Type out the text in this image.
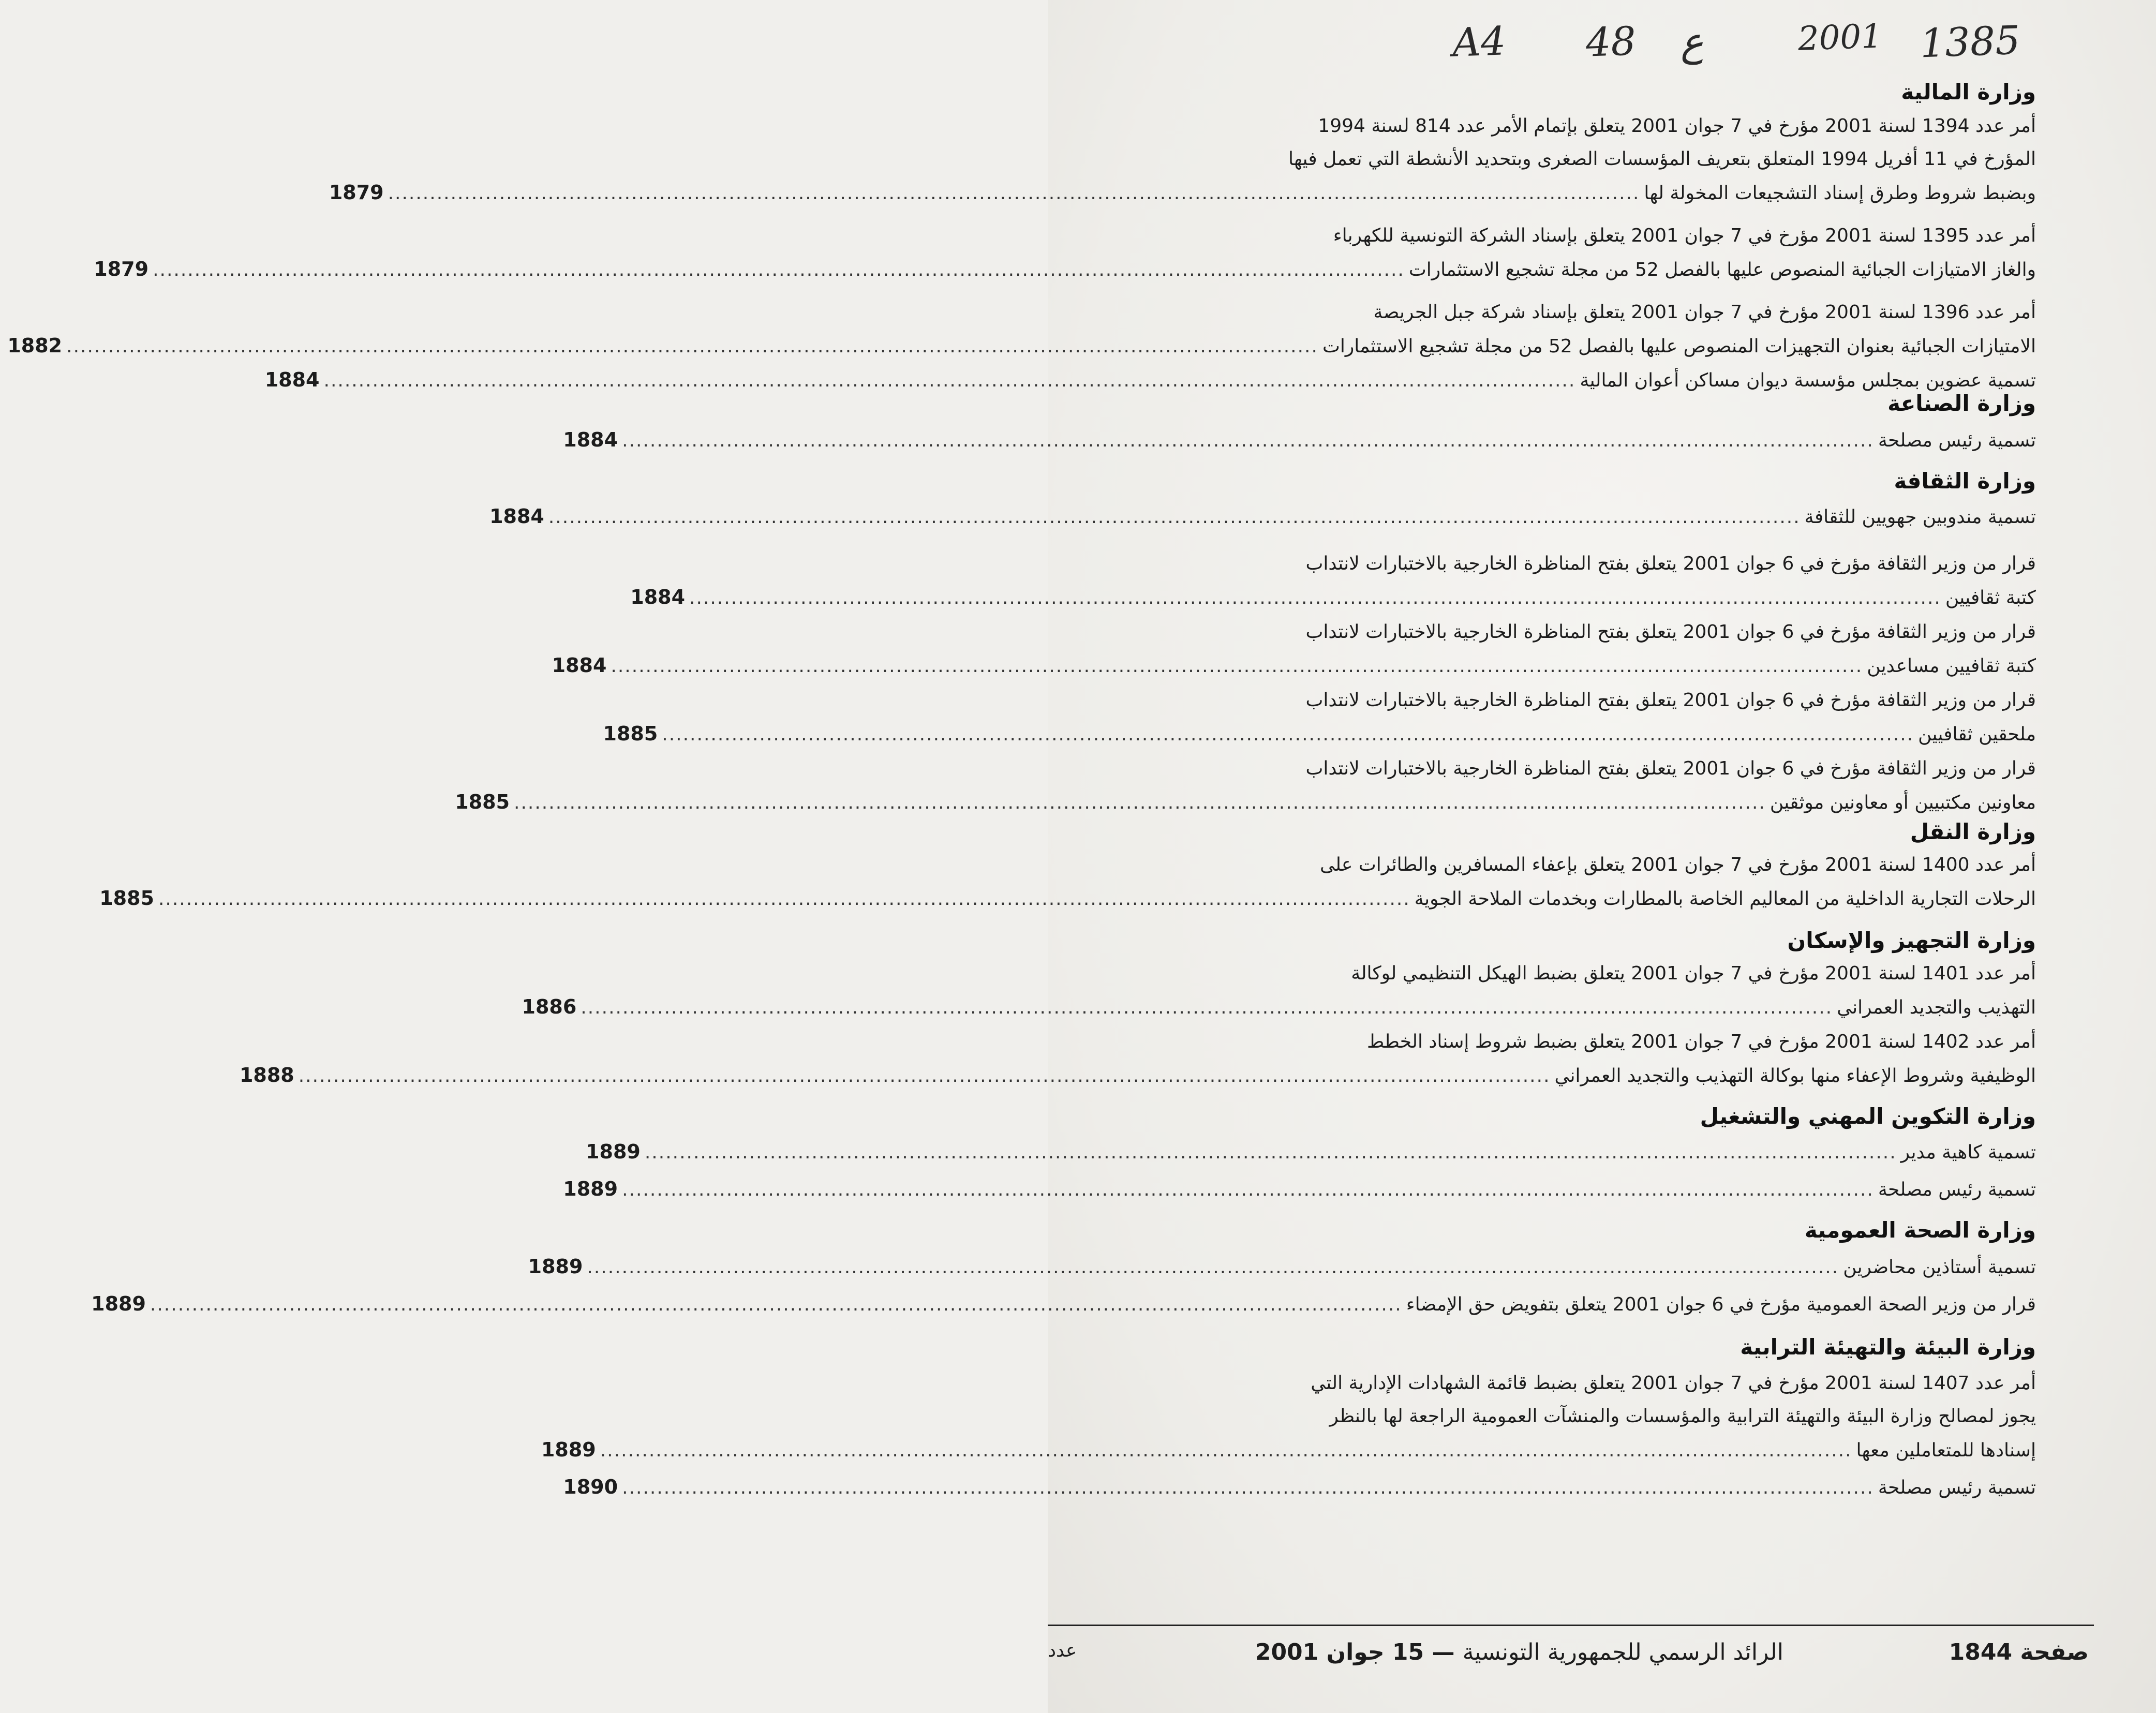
A4 48 ع	2001 1385
وزارة المالية
أمر عدد 1394 لسنة 2001 مؤرخ في 7 جوان 2001 يتعلق بإتمام الأمر عدد 814 لسنة 1994
المؤرخ في 11 أفريل 1994 المتعلق بتعريف المؤسسات الصغرى وبتحديد الأنشطة التي تعمل فيها
وبضبط شروط وطرق إسناد التشجيعات المخولة لها
....................................................................................................................................................................................
1879
أمر عدد 1395 لسنة 2001 مؤرخ في 7 جوان 2001 يتعلق بإسناد الشركة التونسية للكهرباء
والغاز الامتيازات الجبائية المنصوص عليها بالفصل 52 من مجلة تشجيع الاستثمارات
....................................................................................................................................................................................
1879
أمر عدد 1396 لسنة 2001 مؤرخ في 7 جوان 2001 يتعلق بإسناد شركة جبل الجريصة
الامتيازات الجبائية بعنوان التجهيزات المنصوص عليها بالفصل 52 من مجلة تشجيع الاستثمارات
....................................................................................................................................................................................
1882
تسمية عضوين بمجلس مؤسسة ديوان مساكن أعوان المالية
....................................................................................................................................................................................
1884
وزارة الصناعة
تسمية رئيس مصلحة
....................................................................................................................................................................................
1884
وزارة الثقافة
تسمية مندوبين جهويين للثقافة
....................................................................................................................................................................................
1884
قرار من وزير الثقافة مؤرخ في 6 جوان 2001 يتعلق بفتح المناظرة الخارجية بالاختبارات لانتداب
كتبة ثقافيين
....................................................................................................................................................................................
1884
قرار من وزير الثقافة مؤرخ في 6 جوان 2001 يتعلق بفتح المناظرة الخارجية بالاختبارات لانتداب
كتبة ثقافيين مساعدين
....................................................................................................................................................................................
1884
قرار من وزير الثقافة مؤرخ في 6 جوان 2001 يتعلق بفتح المناظرة الخارجية بالاختبارات لانتداب
ملحقين ثقافيين
....................................................................................................................................................................................
1885
قرار من وزير الثقافة مؤرخ في 6 جوان 2001 يتعلق بفتح المناظرة الخارجية بالاختبارات لانتداب
معاونين مكتبيين أو معاونين موثقين
....................................................................................................................................................................................
1885
وزارة النقل
أمر عدد 1400 لسنة 2001 مؤرخ في 7 جوان 2001 يتعلق بإعفاء المسافرين والطائرات على
الرحلات التجارية الداخلية من المعاليم الخاصة بالمطارات وبخدمات الملاحة الجوية
....................................................................................................................................................................................
1885
وزارة التجهيز والإسكان
أمر عدد 1401 لسنة 2001 مؤرخ في 7 جوان 2001 يتعلق بضبط الهيكل التنظيمي لوكالة
التهذيب والتجديد العمراني
....................................................................................................................................................................................
1886
أمر عدد 1402 لسنة 2001 مؤرخ في 7 جوان 2001 يتعلق بضبط شروط إسناد الخطط
الوظيفية وشروط الإعفاء منها بوكالة التهذيب والتجديد العمراني
....................................................................................................................................................................................
1888
وزارة التكوين المهني والتشغيل
تسمية كاهية مدير
....................................................................................................................................................................................
1889
تسمية رئيس مصلحة
....................................................................................................................................................................................
1889
وزارة الصحة العمومية
تسمية أستاذين محاضرين
....................................................................................................................................................................................
1889
قرار من وزير الصحة العمومية مؤرخ في 6 جوان 2001 يتعلق بتفويض حق الإمضاء
....................................................................................................................................................................................
1889
وزارة البيئة والتهيئة الترابية
أمر عدد 1407 لسنة 2001 مؤرخ في 7 جوان 2001 يتعلق بضبط قائمة الشهادات الإدارية التي
يجوز لمصالح وزارة البيئة والتهيئة الترابية والمؤسسات والمنشآت العمومية الراجعة لها بالنظر
إسنادها للمتعاملين معها
....................................................................................................................................................................................
1889
تسمية رئيس مصلحة
....................................................................................................................................................................................
1890
صفحة 1844
الرائد الرسمي للجمهورية التونسية — 15 جوان 2001
عدد
